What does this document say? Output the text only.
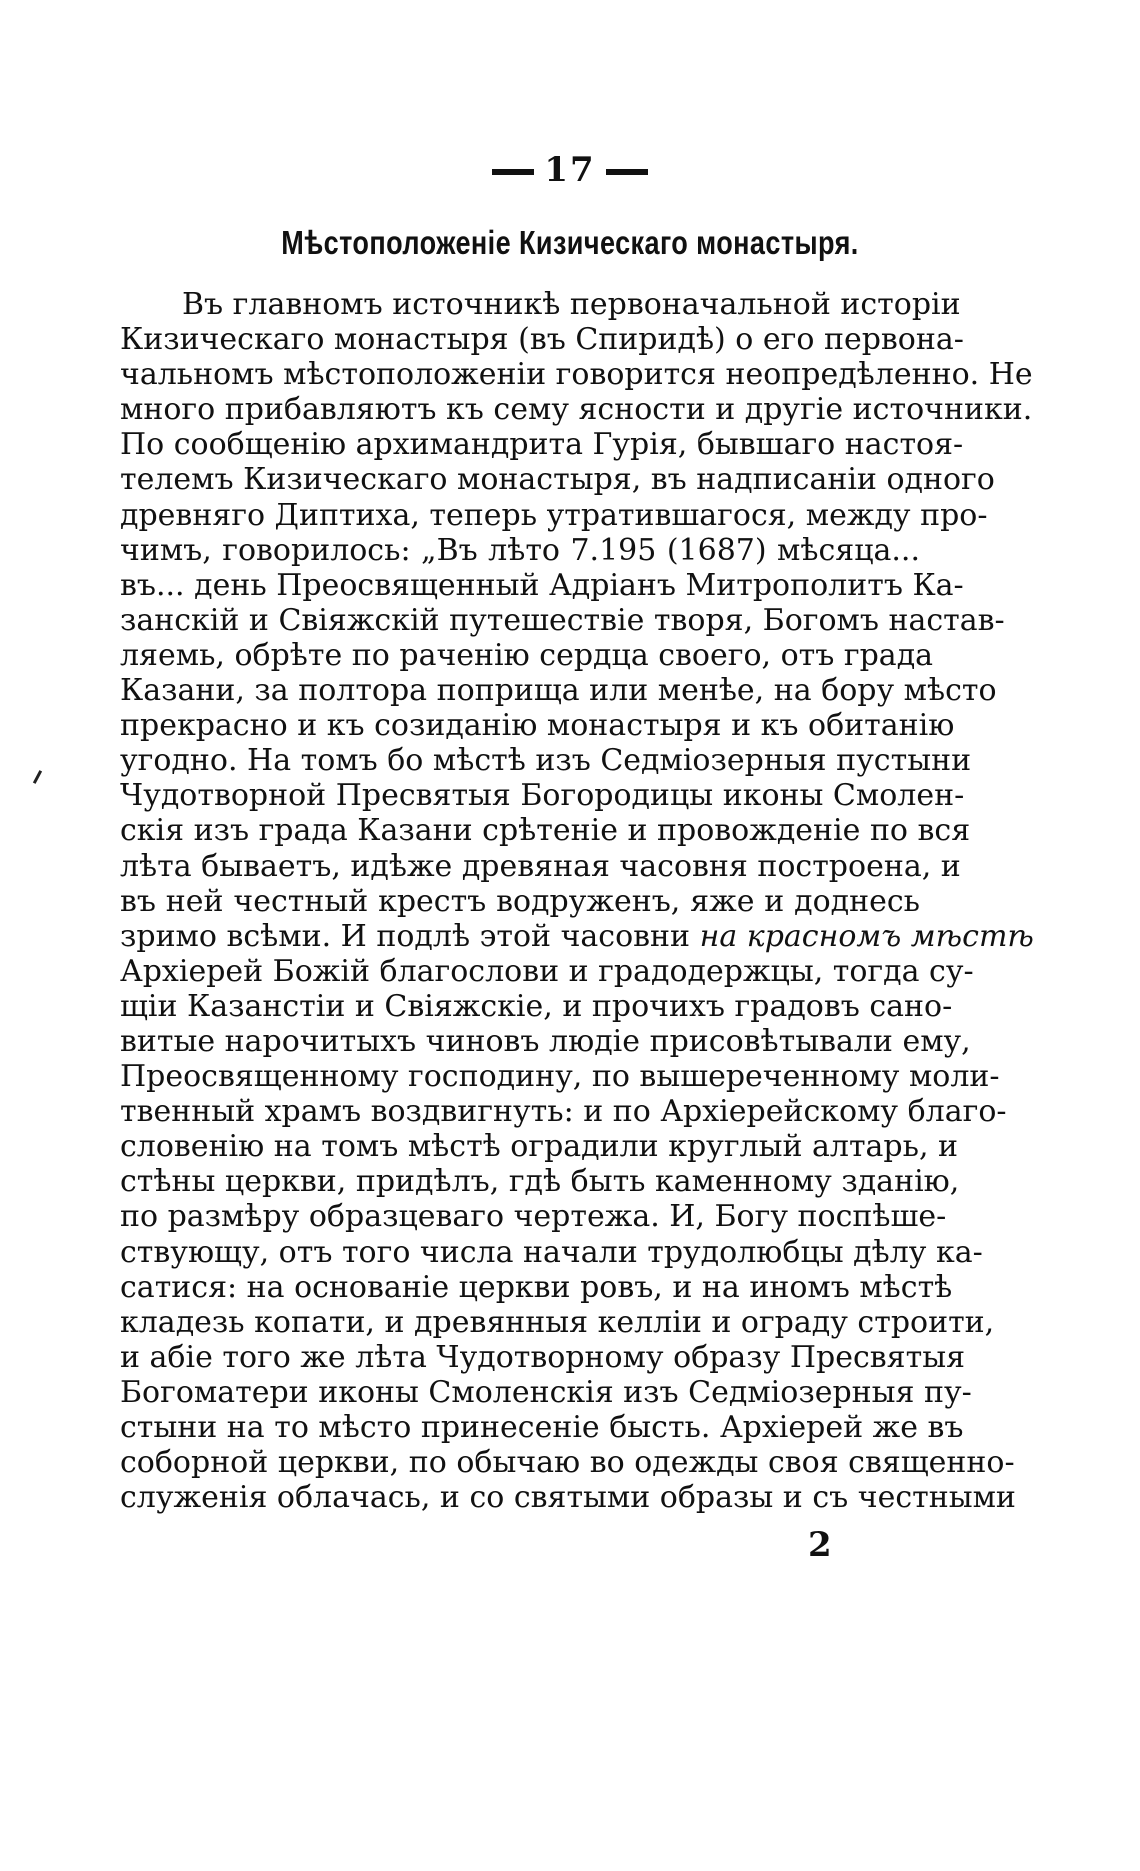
17
Мѣстоположеніе Кизическаго монастыря.
Въ главномъ источникѣ первоначальной исторіи
Кизическаго монастыря (въ Спиридѣ) о его первона-
чальномъ мѣстоположеніи говорится неопредѣленно. Не
много прибавляютъ къ сему ясности и другіе источники.
По сообщенію архимандрита Гурія, бывшаго настоя-
телемъ Кизическаго монастыря, въ надписаніи одного
древняго Диптиха, теперь утратившагося, между про-
чимъ, говорилось: „Въ лѣто 7.195 (1687) мѣсяца...
въ... день Преосвященный Адріанъ Митрополитъ Ка-
занскій и Свіяжскій путешествіе творя, Богомъ настав-
ляемь, обрѣте по раченію сердца своего, отъ града
Казани, за полтора поприща или менѣе, на бору мѣсто
прекрасно и къ созиданію монастыря и къ обитанію
угодно. На томъ бо мѣстѣ изъ Седміозерныя пустыни
Чудотворной Пресвятыя Богородицы иконы Смолен-
скія изъ града Казани срѣтеніе и провожденіе по вся
лѣта бываетъ, идѣже древяная часовня построена, и
въ ней честный крестъ водруженъ, яже и доднесь
зримо всѣми. И подлѣ этой часовни на красномъ мѣстѣ
Архіерей Божій благослови и градодержцы, тогда су-
щіи Казанстіи и Свіяжскіе, и прочихъ градовъ сано-
витые нарочитыхъ чиновъ людіе присовѣтывали ему,
Преосвященному господину, по вышереченному моли-
твенный храмъ воздвигнуть: и по Архіерейскому благо-
словенію на томъ мѣстѣ оградили круглый алтарь, и
стѣны церкви, придѣлъ, гдѣ быть каменному зданію,
по размѣру образцеваго чертежа. И, Богу поспѣше-
ствующу, отъ того числа начали трудолюбцы дѣлу ка-
сатися: на основаніе церкви ровъ, и на иномъ мѣстѣ
кладезь копати, и древянныя келліи и ограду строити,
и абіе того же лѣта Чудотворному образу Пресвятыя
Богоматери иконы Смоленскія изъ Седміозерныя пу-
стыни на то мѣсто принесеніе бысть. Архіерей же въ
соборной церкви, по обычаю во одежды своя священно-
служенія облачась, и со святыми образы и съ честными
2
